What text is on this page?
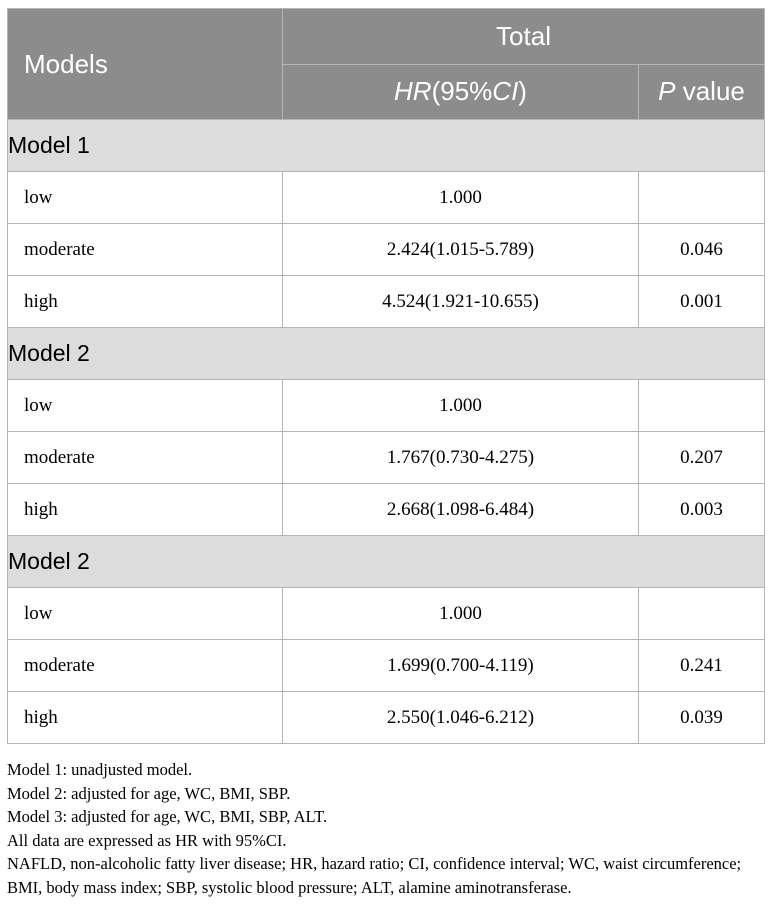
Models	Total	
	HR(95%CI)	P value
Model 1		
low	1.000	
moderate	2.424(1.015-5.789)	0.046
high	4.524(1.921-10.655)	0.001
Model 2		
low	1.000	
moderate	1.767(0.730-4.275)	0.207
high	2.668(1.098-6.484)	0.003
Model 2		
low	1.000	
moderate	1.699(0.700-4.119)	0.241
high	2.550(1.046-6.212)	0.039

Model 1: unadjusted model.

Model 2: adjusted for age, WC, BMI, SBP.

Model 3: adjusted for age, WC, BMI, SBP, ALT.

All data are expressed as HR with 95%CI.

NAFLD, non-alcoholic fatty liver disease; HR, hazard ratio; CI, confidence interval; WC, waist circumference; BMI, body mass index; SBP, systolic blood pressure; ALT, alamine aminotransferase.
